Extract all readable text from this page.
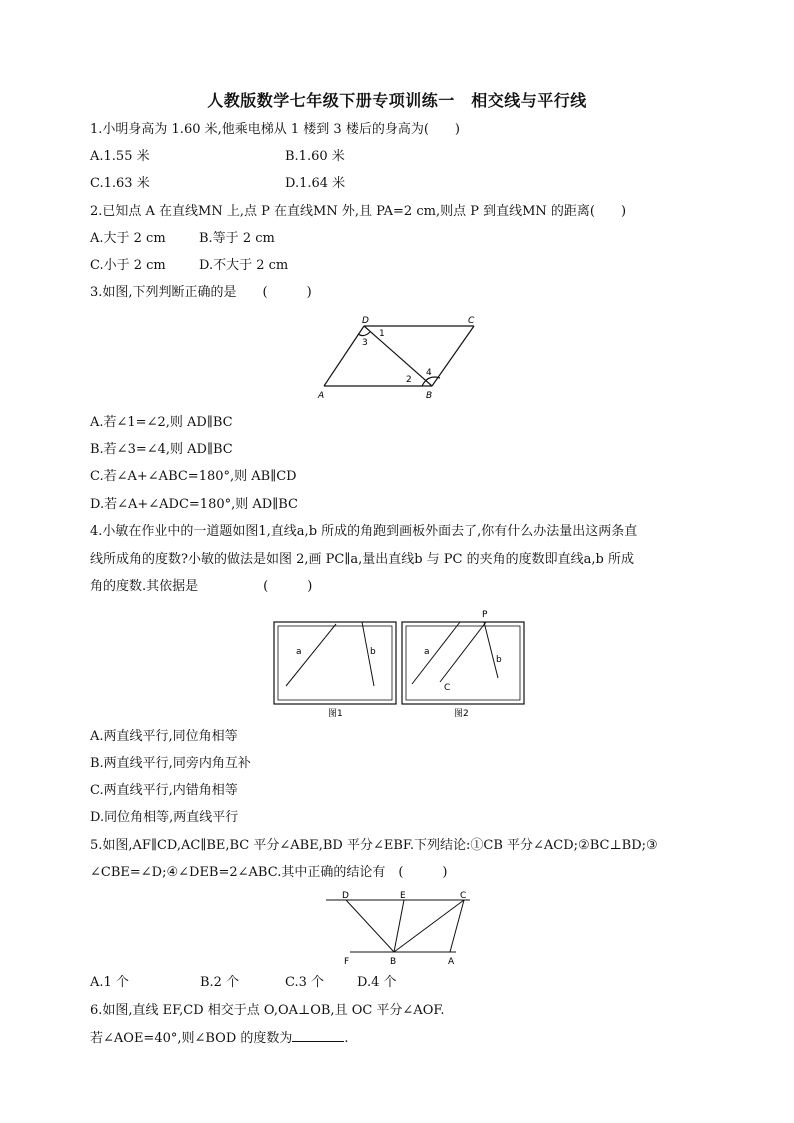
人教版数学七年级下册专项训练一　相交线与平行线
1.小明身高为 1.60 米,他乘电梯从 1 楼到 3 楼后的身高为(　　)
A.1.55 米	B.1.60 米
C.1.63 米	D.1.64 米
2.已知点 A 在直线MN 上,点 P 在直线MN 外,且 PA=2 cm,则点 P 到直线MN 的距离(　　)
A.大于 2 cm	B.等于 2 cm
C.小于 2 cm	D.不大于 2 cm
3.如图,下列判断正确的是　　(　　　)
D	C
A	B
1
2
3
4
A.若∠1=∠2,则 AD∥BC
B.若∠3=∠4,则 AD∥BC
C.若∠A+∠ABC=180°,则 AB∥CD
D.若∠A+∠ADC=180°,则 AD∥BC
4.小敏在作业中的一道题如图1,直线a,b 所成的角跑到画板外面去了,你有什么办法量出这两条直
线所成角的度数?小敏的做法是如图 2,画 PC∥a,量出直线b 与 PC 的夹角的度数即直线a,b 所成
角的度数.其依据是　　　　　(　　　)
a	b	a
P
b
C
图1	图2
A.两直线平行,同位角相等
B.两直线平行,同旁内角互补
C.两直线平行,内错角相等
D.同位角相等,两直线平行
5.如图,AF∥CD,AC∥BE,BC 平分∠ABE,BD 平分∠EBF.下列结论:①CB 平分∠ACD;②BC⊥BD;③
∠CBE=∠D;④∠DEB=2∠ABC.其中正确的结论有　(　　　)
D	E	C
F	B	A
A.1 个	B.2 个	C.3 个	D.4 个
6.如图,直线 EF,CD 相交于点 O,OA⊥OB,且 OC 平分∠AOF.
若∠AOE=40°,则∠BOD 的度数为	.
